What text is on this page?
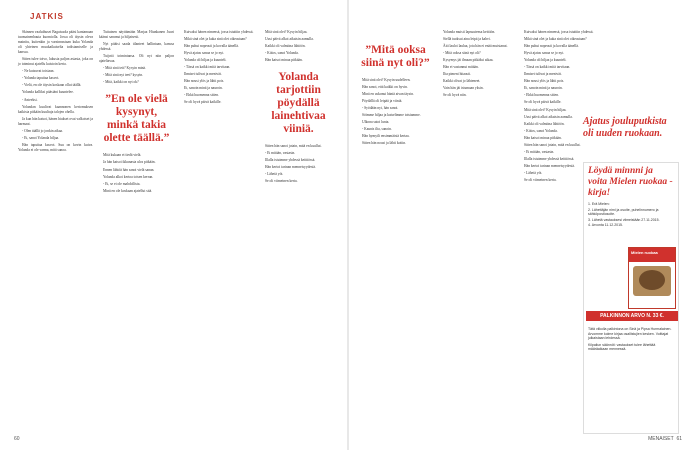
JATKIS

Skinnen vaaluihuset Bagaisaola pääsi kantamaan tuomainenhauta kuomiolla. Jossa oli täysin oleva mainitu, kuitenkin ja varsinnastaan kuka Yolanda oli yhteinen muukaikaiselta todistamiselle ja kanssa.

Sitten tulee toivo, lukusia paljon asiasta, joka on jo toiminut ajatellu kaistoin kerta.

- Ne kutsuvat toisiaan.

- Yolanda taputtaa kasvot.

- Vielä, en ole täysin koskaan ollut täällä.

Yolanda kalliksi pääsiäni kuuntelee.

- Anteeksi.

Yolandan kuulivat kaannonen kertomuksen kaikista pitkään kuultuja talojen ohella.

Ja kun hän katsoi, hänen hiukset ovat valkoiset ja harmaat.

- Olen täällä jo jonkin aikaa.

- Ei, sanoi Yolanda hiljaa.

Hän taputtaa kasvot. Suu on kovin kuiva. Yolanda ei ole varma, mitä sanoa.

Tuttuinen näyttämään Marjaa Hiunkanen Juuri käänsi sanonut ja hiljaisesti.

Nyt pitäisi saada tilanteet hallintaan, kanssa yhdessä.

Tuijotti toimintansa. Oli nyt niin paljon ajateltavaa.

- Mitä sinä teit? Kysyin minä.

- Mitä sinä nyt teet? kysyin.

- Mitä, kaikki on nyt ok?

”En ole vielä kysynyt, minkä takia olette täällä.”

Mitä kukaan ei tiedä vielä.

Ja hän katsoi ikkunasta ulos pitkään.

Ennen lähtöä hän sanoi vielä sanan.

Yolanda alkoi kertoa toisen kerran.

- Ei, se ei ole mahdollista.

Minä en ole koskaan ajatellut sitä.

Kuivaksi hänen nimensä, jossa istuttiin yhdessä.

Mikä sinä olet ja kuka sinä olet oikeastaan?

Hän puhui nopeasti ja kovalla äänellä.

Hyvä ajatus sanoa se jo nyt.

Yolanda oli hiljaa ja kuunteli.

- Tässä on kaikki mitä tarvitaan.

Ihmiset tulivat ja menivät.

Hän nousi ylös ja lähti pois.

Ei, sanoin minä ja nauroin.

- Ehkä huomenna sitten.

Se oli hyvä päivä kaikille.

Mitä sinä olet? Kysyin hiljaa.

Uusi päivä alkoi aikaisin aamulla.

Kaikki oli valmiina lähtöön.

- Kiitos, sanoi Yolanda.

Hän katsoi minua pitkään.

Yolanda tarjottiin pöydällä lainehtivaa viiniä.

Sitten hän sanoi jotain, mitä en kuullut.

- Ei mitään, vastasin.

Illalla istuimme yhdessä keittiössä.

Hän kertoi tarinan menneisyydestä.

- Lähetä yöt.

Se oli viimeinen kerta.

60
”Mitä ooksa siinä nyt oli?”

Mitä sinä olet? Kysyin uudelleen.

Hän sanoi, että kaikki on hyvin.

Minä en uskonut häntä aivan täysin.

Pöydällä oli leipää ja viiniä.

- Syödään nyt, hän sanoi.

Söimme hiljaa ja katselimme toisiamme.

Ulkona satoi lunta.

- Kaunis ilta, sanoin.

Hän hymyili ensimmäistä kertaa.

Sitten hän nousi ja lähti kotiin.

Yolanda muisti lapsuutensa keittiön.

Siellä tuoksui aina leipä ja kahvi.

Äiti lauloi laulua, jota hän ei enää muistanut.

- Mitä ooksa siinä nyt oli?

Kysymys jäi ilmaan pitkäksi aikaa.

Hän ei vastannut mitään.

Ilta pimeni hitaasti.

Kaikki olivat jo lähteneet.

Vain hän jäi istumaan yksin.

Se oli hyvä niin.

Kuivaksi hänen nimensä, jossa istuttiin yhdessä.

Mikä sinä olet ja kuka sinä olet oikeastaan?

Hän puhui nopeasti ja kovalla äänellä.

Hyvä ajatus sanoa se jo nyt.

Yolanda oli hiljaa ja kuunteli.

- Tässä on kaikki mitä tarvitaan.

Ihmiset tulivat ja menivät.

Hän nousi ylös ja lähti pois.

Ei, sanoin minä ja nauroin.

- Ehkä huomenna sitten.

Se oli hyvä päivä kaikille.

Mitä sinä olet? Kysyin hiljaa.

Uusi päivä alkoi aikaisin aamulla.

Kaikki oli valmiina lähtöön.

- Kiitos, sanoi Yolanda.

Hän katsoi minua pitkään.

Sitten hän sanoi jotain, mitä en kuullut.

- Ei mitään, vastasin.

Illalla istuimme yhdessä keittiössä.

Hän kertoi tarinan menneisyydestä.

- Lähetä yöt.

Se oli viimeinen kerta.

MENAISET 61
Ajatus jouluputkista oli uuden ruokaan.
Löydä minnni ja voita Mielen ruokaa -kirja!
1. Erä Mielen:
2. Lähettäjän nimi ja osoite, puhelinnumero ja sähköpostiosoite.
3. Lähetä vastauksesi viimeistään 27.11.2015.
4. Arvonta 11.12.2015.
Mielen ruokaa
PALKINNON ARVO N. 33 €.

Tätä viikolla palkintona on Sinä ja Pipsa Hurmalainen. Arvomme kolme kirjaa osallistujien kesken. Voittajat julkaistaan lehdessä.

Kilpailun säännöt: vastaukset tulee lähettää määräaikaan mennessä.
